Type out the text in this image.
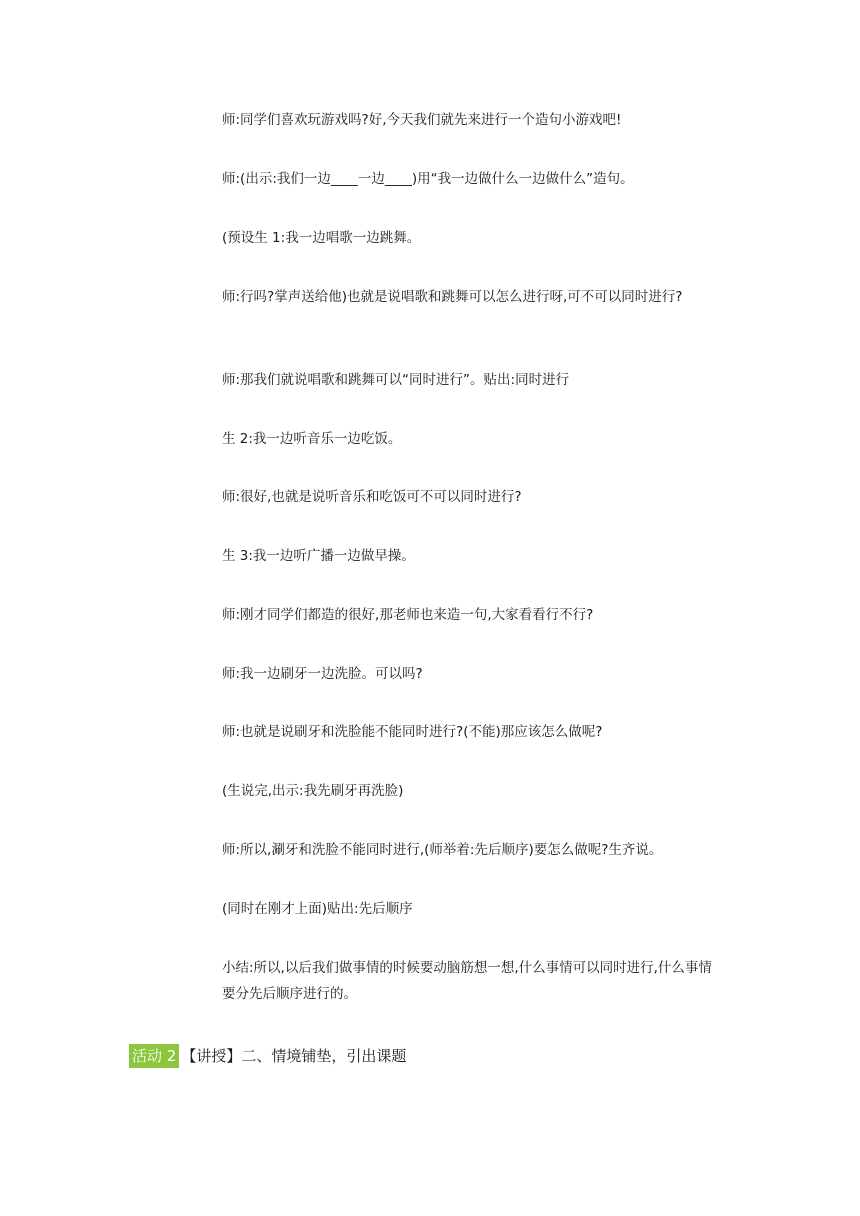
师:同学们喜欢玩游戏吗?好,今天我们就先来进行一个造句小游戏吧!

师:(出示:我们一边____一边____)用“我一边做什么一边做什么”造句。

(预设生 1:我一边唱歌一边跳舞。

师:行吗?掌声送给他)也就是说唱歌和跳舞可以怎么进行呀,可不可以同时进行?

师:那我们就说唱歌和跳舞可以“同时进行”。贴出:同时进行

生 2:我一边听音乐一边吃饭。

师:很好,也就是说听音乐和吃饭可不可以同时进行?

生 3:我一边听广播一边做早操。

师:刚才同学们都造的很好,那老师也来造一句,大家看看行不行?

师:我一边刷牙一边洗脸。可以吗?

师:也就是说刷牙和洗脸能不能同时进行?(不能)那应该怎么做呢?

(生说完,出示:我先刷牙再洗脸)

师:所以,涮牙和洗脸不能同时进行,(师举着:先后顺序)要怎么做呢?生齐说。

(同时在刚才上面)贴出:先后顺序

小结:所以,以后我们做事情的时候要动脑筋想一想,什么事情可以同时进行,什么事情要分先后顺序进行的。

活动 2 【讲授】二、情境铺垫，引出课题
